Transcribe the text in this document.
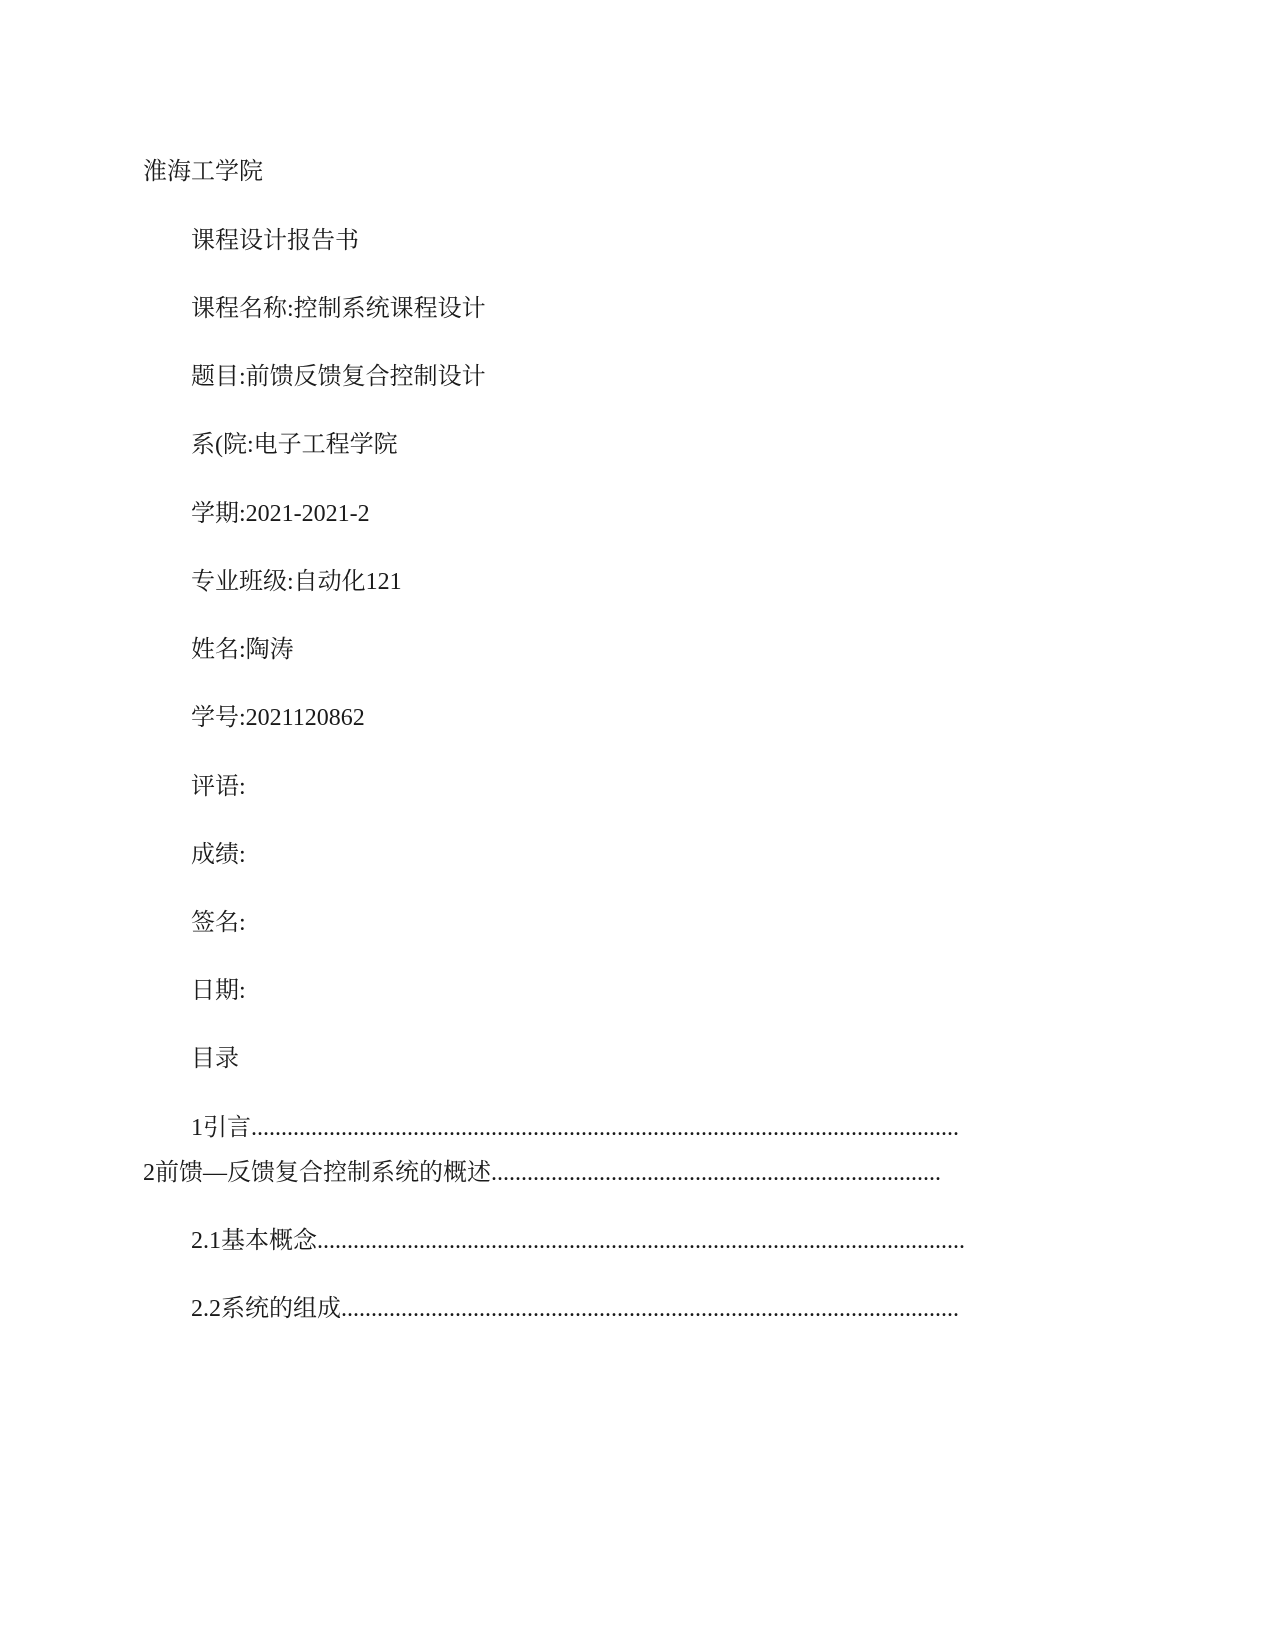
淮海工学院
课程设计报告书
课程名称:控制系统课程设计
题目:前馈反馈复合控制设计
系(院:电子工程学院
学期:2021-2021-2
专业班级:自动化121
姓名:陶涛
学号:2021120862
评语:
成绩:
签名:
日期:
目录
1引言......................................................................................................................
2前馈—反馈复合控制系统的概述...........................................................................
2.1基本概念............................................................................................................
2.2系统的组成.......................................................................................................
